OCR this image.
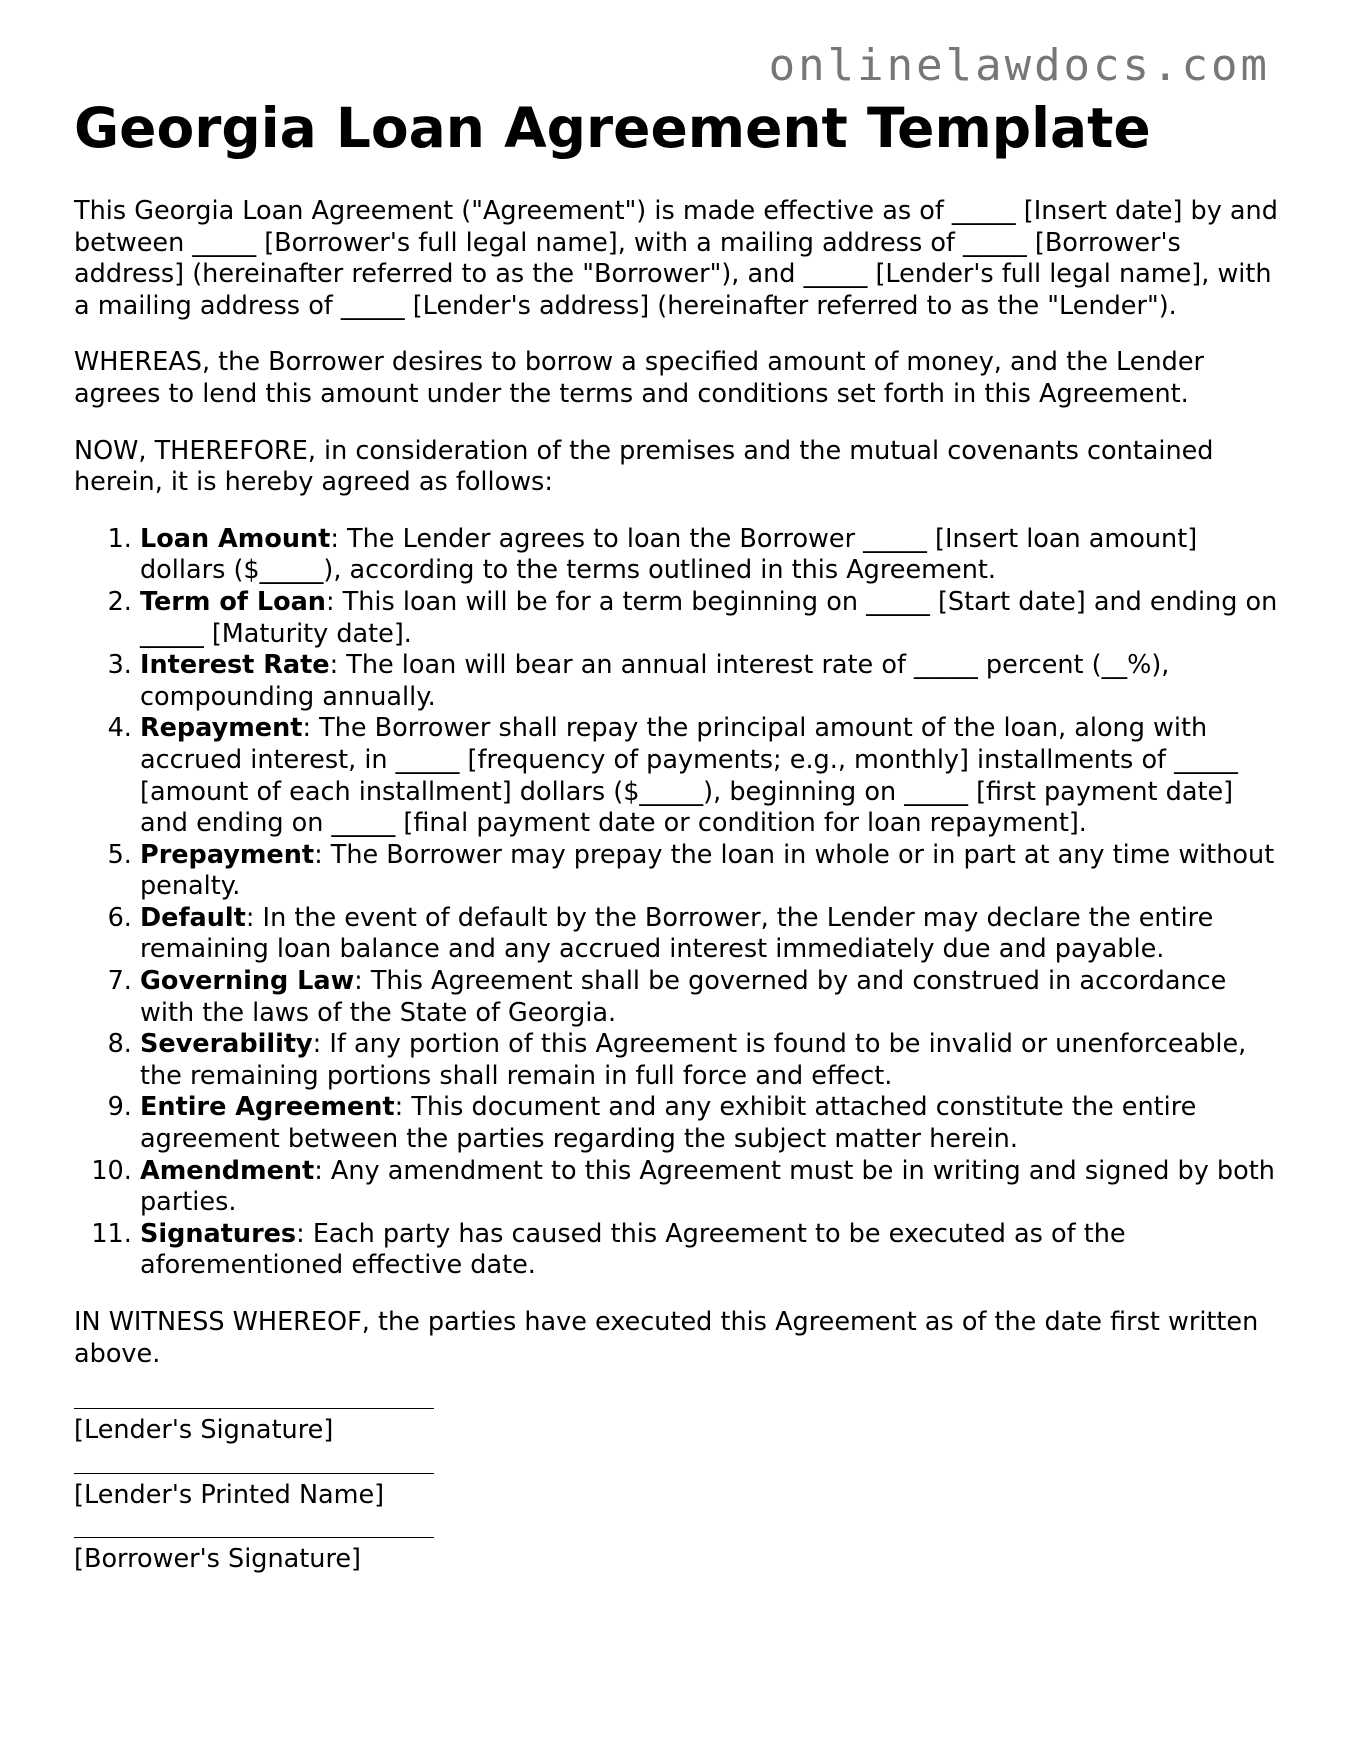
onlinelawdocs.com
Georgia Loan Agreement Template

This Georgia Loan Agreement ("Agreement") is made effective as of _____ [Insert date] by and between _____ [Borrower's full legal name], with a mailing address of _____ [Borrower's address] (hereinafter referred to as the "Borrower"), and _____ [Lender's full legal name], with a mailing address of _____ [Lender's address] (hereinafter referred to as the "Lender").

WHEREAS, the Borrower desires to borrow a specified amount of money, and the Lender agrees to lend this amount under the terms and conditions set forth in this Agreement.

NOW, THEREFORE, in consideration of the premises and the mutual covenants contained herein, it is hereby agreed as follows:

1. Loan Amount: The Lender agrees to loan the Borrower _____ [Insert loan amount] dollars ($_____), according to the terms outlined in this Agreement.
2. Term of Loan: This loan will be for a term beginning on _____ [Start date] and ending on _____ [Maturity date].
3. Interest Rate: The loan will bear an annual interest rate of _____ percent (__%), compounding annually.
4. Repayment: The Borrower shall repay the principal amount of the loan, along with accrued interest, in _____ [frequency of payments; e.g., monthly] installments of _____ [amount of each installment] dollars ($_____), beginning on _____ [first payment date] and ending on _____ [final payment date or condition for loan repayment].
5. Prepayment: The Borrower may prepay the loan in whole or in part at any time without penalty.
6. Default: In the event of default by the Borrower, the Lender may declare the entire remaining loan balance and any accrued interest immediately due and payable.
7. Governing Law: This Agreement shall be governed by and construed in accordance with the laws of the State of Georgia.
8. Severability: If any portion of this Agreement is found to be invalid or unenforceable, the remaining portions shall remain in full force and effect.
9. Entire Agreement: This document and any exhibit attached constitute the entire agreement between the parties regarding the subject matter herein.
10. Amendment: Any amendment to this Agreement must be in writing and signed by both parties.
11. Signatures: Each party has caused this Agreement to be executed as of the aforementioned effective date.

IN WITNESS WHEREOF, the parties have executed this Agreement as of the date first written above.

[Lender's Signature]
[Lender's Printed Name]
[Borrower's Signature]
